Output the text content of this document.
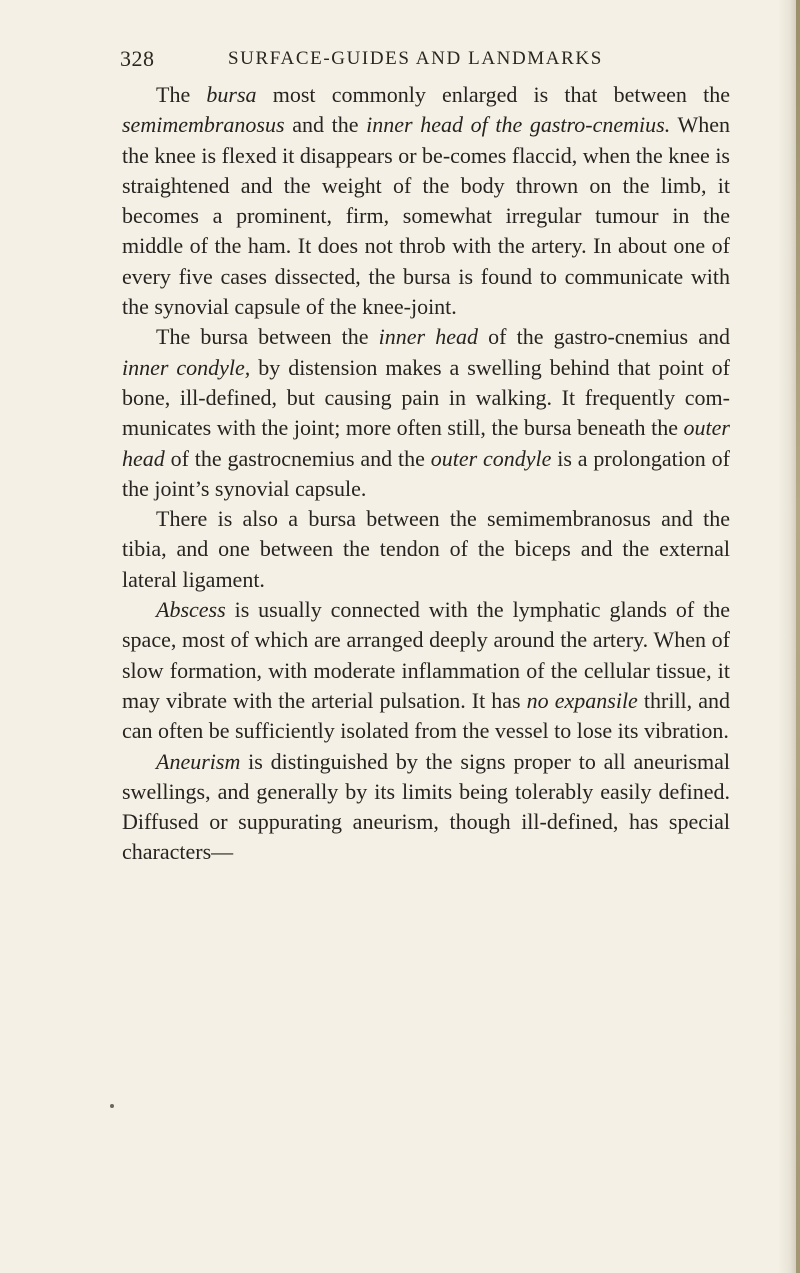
328	SURFACE-GUIDES AND LANDMARKS

The bursa most commonly enlarged is that between the semimembranosus and the inner head of the gastro-cnemius. When the knee is flexed it disappears or be-comes flaccid, when the knee is straightened and the weight of the body thrown on the limb, it becomes a prominent, firm, somewhat irregular tumour in the middle of the ham. It does not throb with the artery. In about one of every five cases dissected, the bursa is found to communicate with the synovial capsule of the knee-joint.

The bursa between the inner head of the gastro-cnemius and inner condyle, by distension makes a swelling behind that point of bone, ill-defined, but causing pain in walking. It frequently com-municates with the joint; more often still, the bursa beneath the outer head of the gastrocnemius and the outer condyle is a prolongation of the joint’s synovial capsule.

There is also a bursa between the semimembranosus and the tibia, and one between the tendon of the biceps and the external lateral ligament.

Abscess is usually connected with the lymphatic glands of the space, most of which are arranged deeply around the artery. When of slow formation, with moderate inflammation of the cellular tissue, it may vibrate with the arterial pulsation. It has no expansile thrill, and can often be sufficiently isolated from the vessel to lose its vibration.

Aneurism is distinguished by the signs proper to all aneurismal swellings, and generally by its limits being tolerably easily defined. Diffused or suppurating aneurism, though ill-defined, has special characters—
